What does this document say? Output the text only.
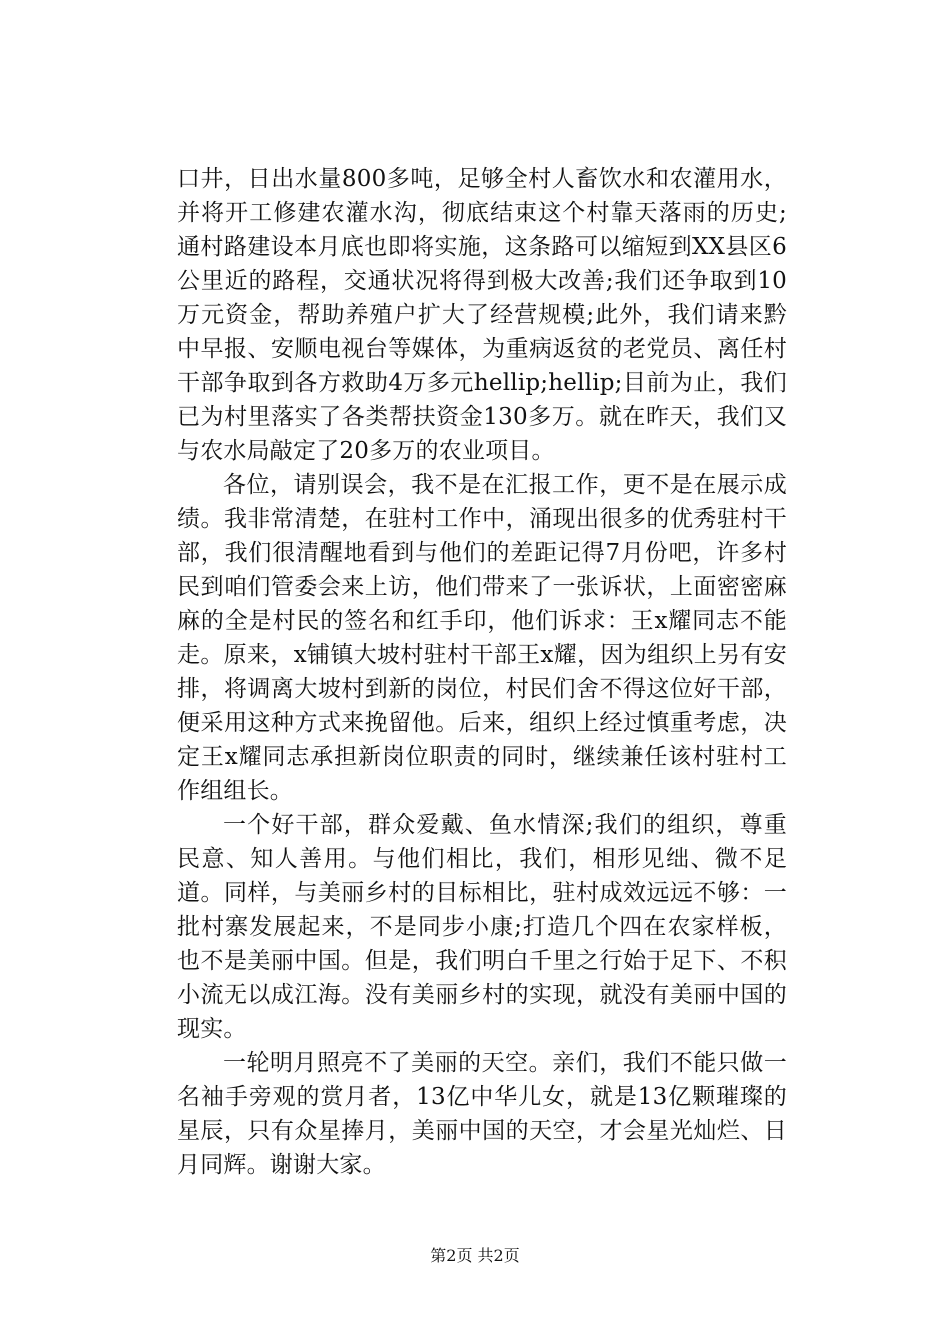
口井，日出水量800多吨，足够全村人畜饮水和农灌用水，并将开工修建农灌水沟，彻底结束这个村靠天落雨的历史;通村路建设本月底也即将实施，这条路可以缩短到XX县区6公里近的路程，交通状况将得到极大改善;我们还争取到10万元资金，帮助养殖户扩大了经营规模;此外，我们请来黔中早报、安顺电视台等媒体，为重病返贫的老党员、离任村干部争取到各方救助4万多元hellip;hellip;目前为止，我们已为村里落实了各类帮扶资金130多万。就在昨天，我们又与农水局敲定了20多万的农业项目。

各位，请别误会，我不是在汇报工作，更不是在展示成绩。我非常清楚，在驻村工作中，涌现出很多的优秀驻村干部，我们很清醒地看到与他们的差距记得7月份吧，许多村民到咱们管委会来上访，他们带来了一张诉状，上面密密麻麻的全是村民的签名和红手印，他们诉求：王x耀同志不能走。原来，x铺镇大坡村驻村干部王x耀，因为组织上另有安排，将调离大坡村到新的岗位，村民们舍不得这位好干部，便采用这种方式来挽留他。后来，组织上经过慎重考虑，决定王x耀同志承担新岗位职责的同时，继续兼任该村驻村工作组组长。

一个好干部，群众爱戴、鱼水情深;我们的组织，尊重民意、知人善用。与他们相比，我们，相形见绌、微不足道。同样，与美丽乡村的目标相比，驻村成效远远不够：一批村寨发展起来，不是同步小康;打造几个四在农家样板，也不是美丽中国。但是，我们明白千里之行始于足下、不积小流无以成江海。没有美丽乡村的实现，就没有美丽中国的现实。

一轮明月照亮不了美丽的天空。亲们，我们不能只做一名袖手旁观的赏月者，13亿中华儿女，就是13亿颗璀璨的星辰，只有众星捧月，美丽中国的天空，才会星光灿烂、日月同辉。谢谢大家。

第2页 共2页
